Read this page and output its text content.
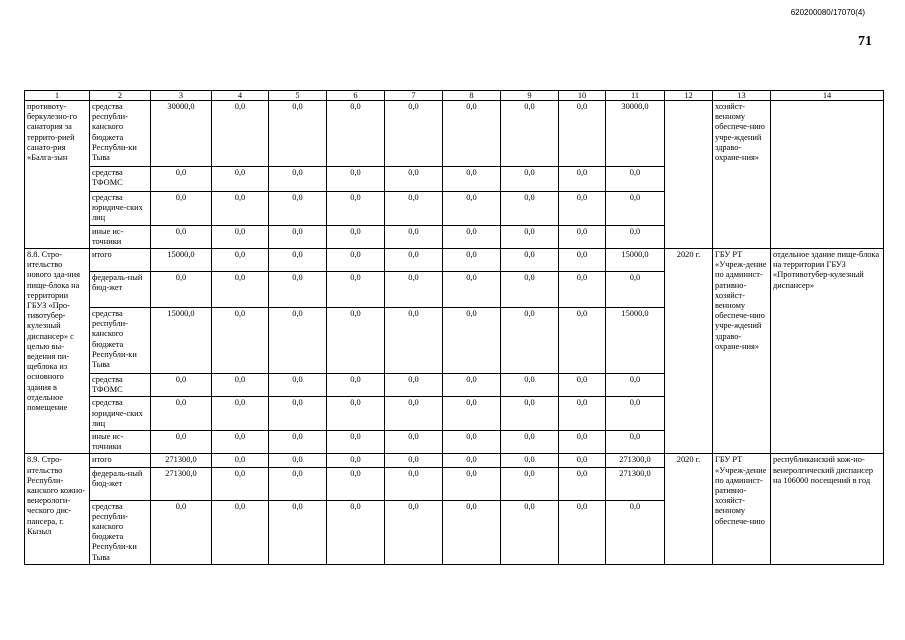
620200080/17070(4)
71
1	2	3	4	5	6	7	8	9	10	11	12	13	14
противоту-беркулезно-го санатория за террито-рией санато-рия «Балга-зын	средства республи-канского бюджета Республи-ки Тыва	30000,0	0,0	0,0	0,0	0,0	0,0	0,0	0,0	30000,0		хозяйст-венному обеспече-нию учре-ждений здраво-охране-ния»	
	средства ТФОМС	0,0	0,0	0,0	0,0	0,0	0,0	0,0	0,0	0,0			
	средства юридиче-ских лиц	0,0	0,0	0,0	0,0	0,0	0,0	0,0	0,0	0,0			
	иные ис-точники	0,0	0,0	0,0	0,0	0,0	0,0	0,0	0,0	0,0			
8.8. Стро-ительство нового зда-ния пище-блока на территории ГБУЗ «Про-тивотубер-кулезный диспансер» с целью вы-ведения пи-щеблока из основного здания в отдельное помещение	итого	15000,0	0,0	0,0	0,0	0,0	0,0	0,0	0,0	15000,0	2020 г.	ГБУ РТ «Учреж-дение по админист-ративно-хозяйст-венному обеспече-нию учре-ждений здраво-охране-ния»	отдельное здание пище-блока на территории ГБУЗ «Противотубер-кулезный диспансер»
	федераль-ный бюд-жет	0,0	0,0	0,0	0,0	0,0	0,0	0,0	0,0	0,0			
	средства республи-канского бюджета Республи-ки Тыва	15000,0	0,0	0,0	0,0	0,0	0,0	0,0	0,0	15000,0			
	средства ТФОМС	0,0	0,0	0,0	0,0	0,0	0,0	0,0	0,0	0,0			
	средства юридиче-ских лиц	0,0	0,0	0,0	0,0	0,0	0,0	0,0	0,0	0,0			
	иные ис-точники	0,0	0,0	0,0	0,0	0,0	0,0	0,0	0,0	0,0			
8.9. Стро-ительство Республи-канского кожно-венерологи-ческого дис-пансера, г. Кызыл	итого	271300,0	0,0	0,0	0,0	0,0	0,0	0,0	0,0	271300,0	2020 г.	ГБУ РТ «Учреж-дение по админист-ративно-хозяйст-венному обеспече-нию	республиканский кож-но-венеролгический диспансер на 106000 посещений в год
	федераль-ный бюд-жет	271300,0	0,0	0,0	0,0	0,0	0,0	0,0	0,0	271300,0			
	средства республи-канского бюджета Республи-ки Тыва	0,0	0,0	0,0	0,0	0,0	0,0	0,0	0,0	0,0			
